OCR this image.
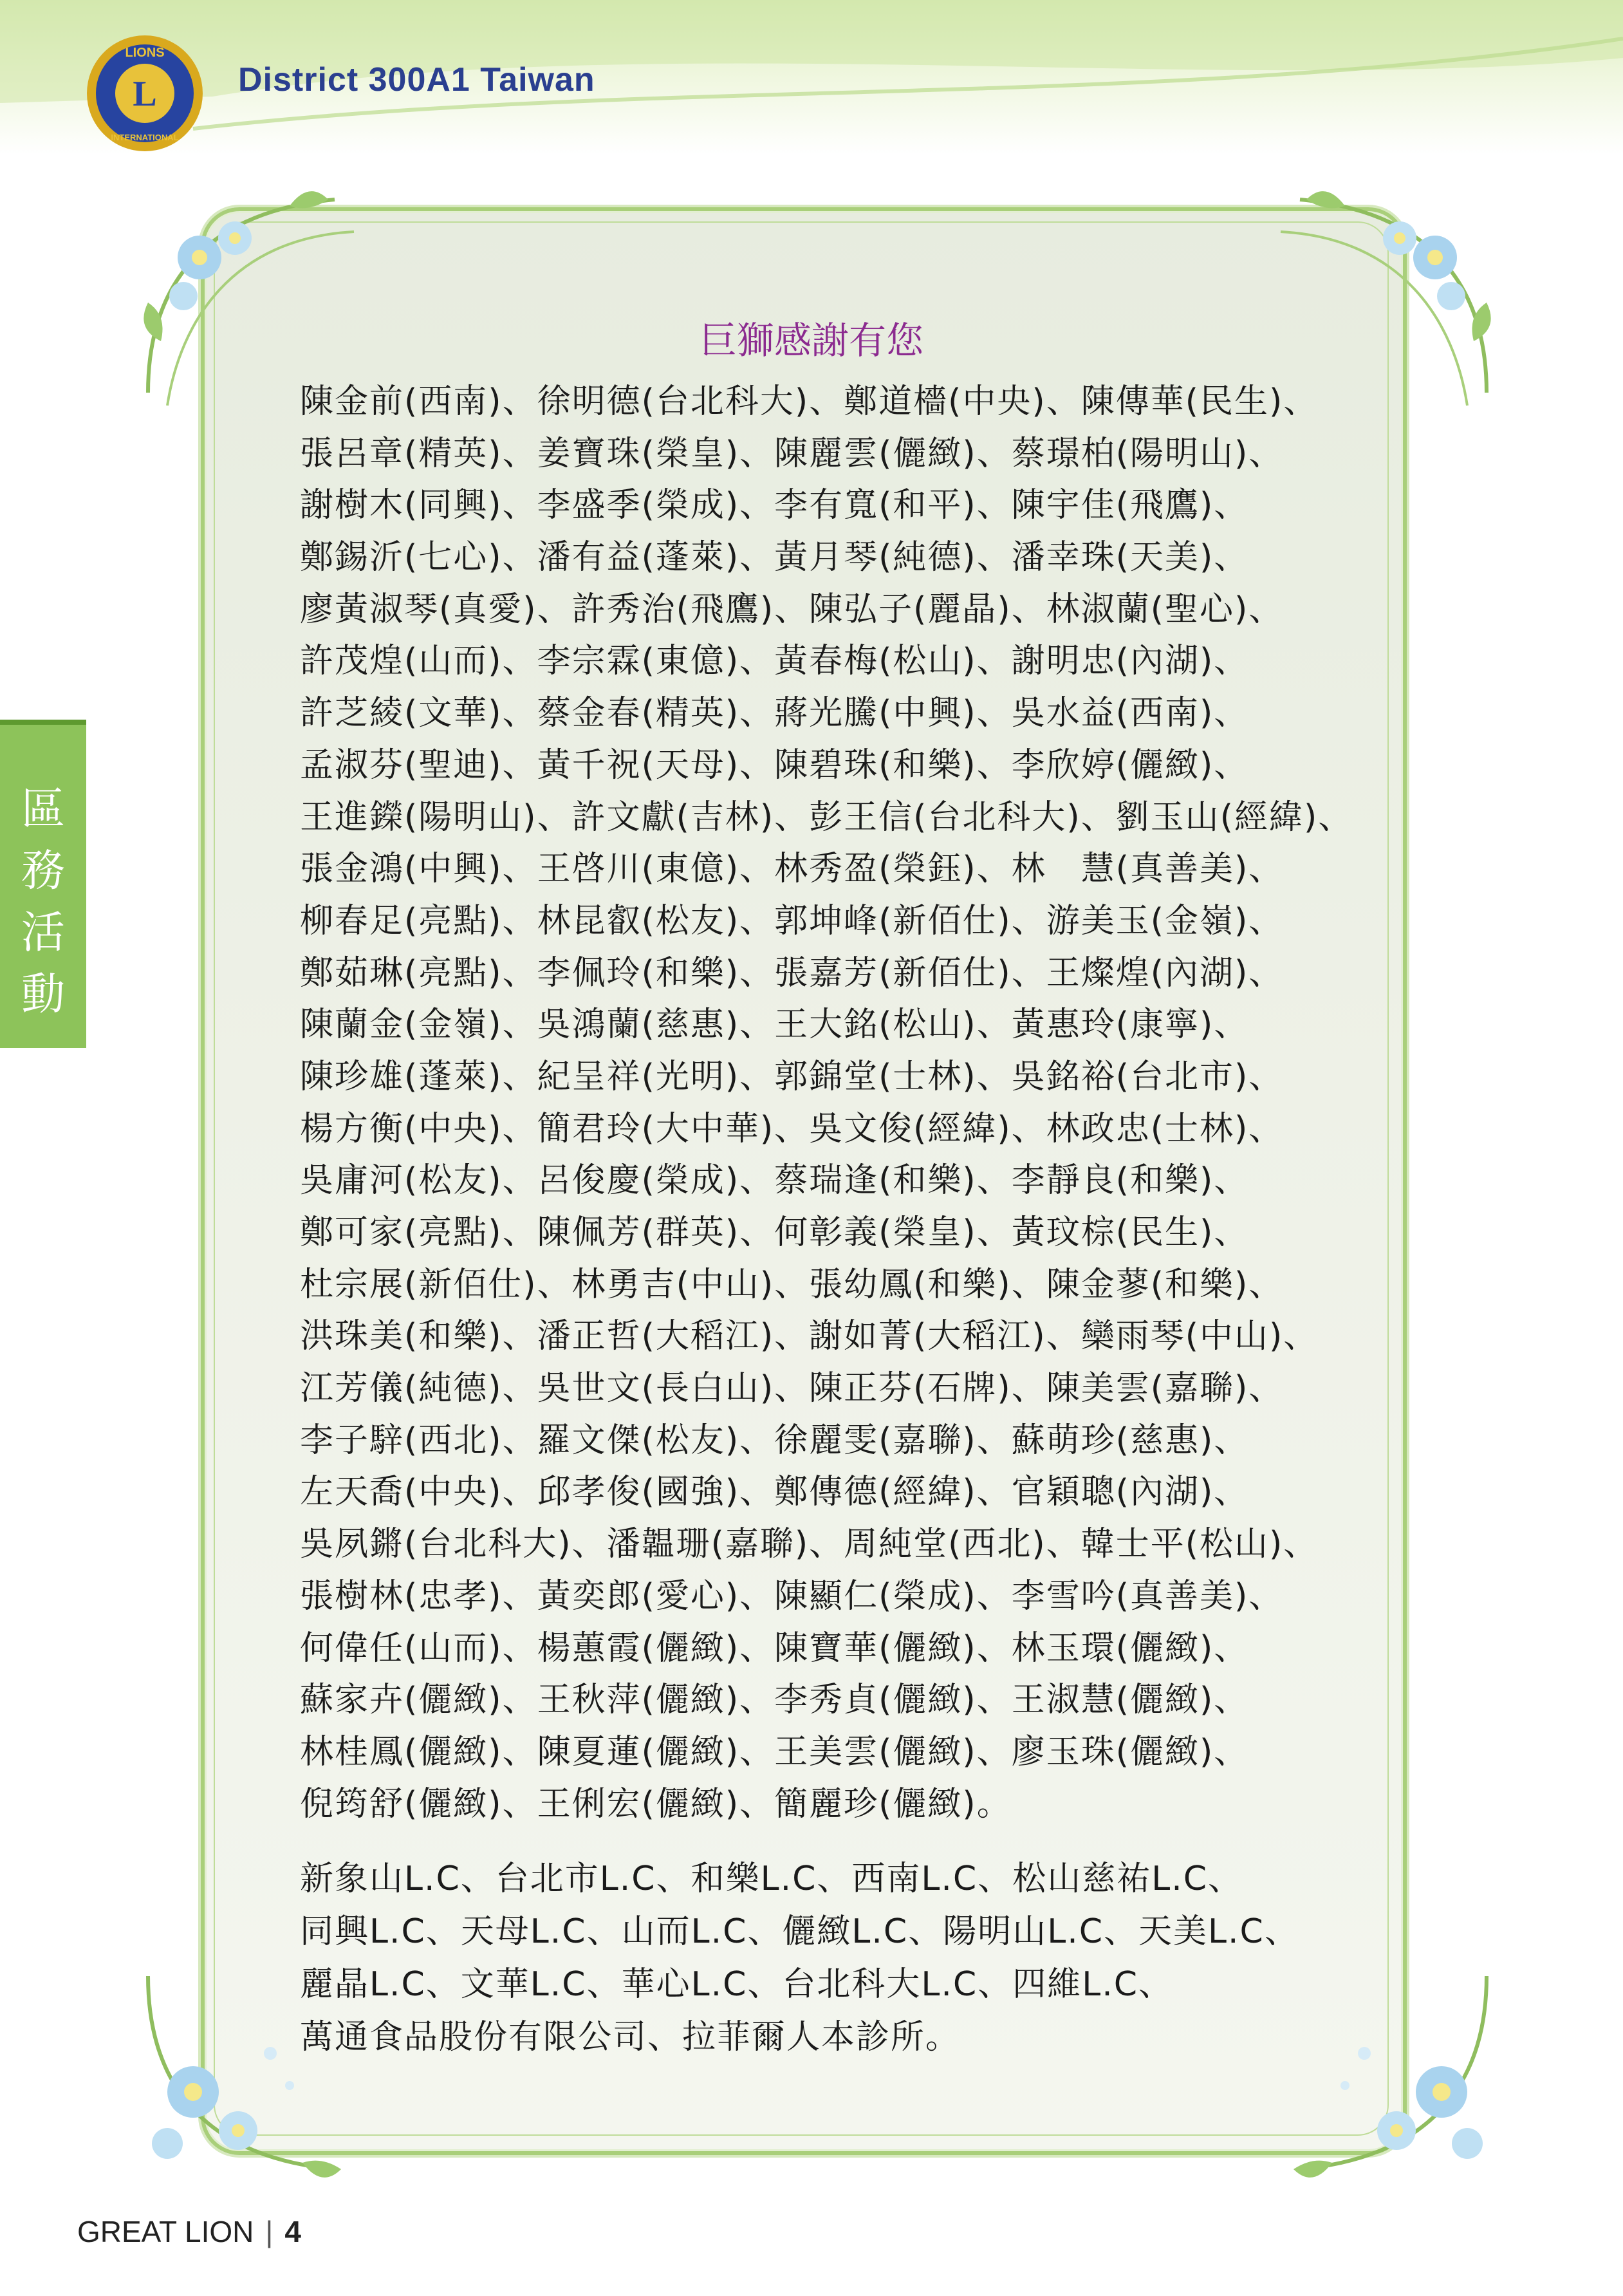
L
LIONS
INTERNATIONAL
District 300A1 Taiwan
區
務
活
動
巨獅感謝有您
陳金前(西南)、徐明德(台北科大)、鄭道檣(中央)、陳傳華(民生)、
張呂章(精英)、姜寶珠(榮皇)、陳麗雲(儷緻)、蔡璟柏(陽明山)、
謝樹木(同興)、李盛季(榮成)、李有寬(和平)、陳宇佳(飛鷹)、
鄭錫沂(七心)、潘有益(蓬萊)、黃月琴(純德)、潘幸珠(天美)、
廖黃淑琴(真愛)、許秀治(飛鷹)、陳弘子(麗晶)、林淑蘭(聖心)、
許茂煌(山而)、李宗霖(東億)、黃春梅(松山)、謝明忠(內湖)、
許芝綾(文華)、蔡金春(精英)、蔣光騰(中興)、吳水益(西南)、
孟淑芬(聖迪)、黃千祝(天母)、陳碧珠(和樂)、李欣婷(儷緻)、
王進鑅(陽明山)、許文獻(吉林)、彭王信(台北科大)、劉玉山(經緯)、
張金鴻(中興)、王啓川(東億)、林秀盈(榮鈺)、林　慧(真善美)、
柳春足(亮點)、林昆叡(松友)、郭坤峰(新佰仕)、游美玉(金嶺)、
鄭茹琳(亮點)、李佩玲(和樂)、張嘉芳(新佰仕)、王燦煌(內湖)、
陳蘭金(金嶺)、吳鴻蘭(慈惠)、王大銘(松山)、黃惠玲(康寧)、
陳珍雄(蓬萊)、紀呈祥(光明)、郭錦堂(士林)、吳銘裕(台北市)、
楊方衡(中央)、簡君玲(大中華)、吳文俊(經緯)、林政忠(士林)、
吳庸河(松友)、呂俊慶(榮成)、蔡瑞逢(和樂)、李靜良(和樂)、
鄭可家(亮點)、陳佩芳(群英)、何彰義(榮皇)、黃玟棕(民生)、
杜宗展(新佰仕)、林勇吉(中山)、張幼鳳(和樂)、陳金蓼(和樂)、
洪珠美(和樂)、潘正哲(大稻江)、謝如菁(大稻江)、欒雨琴(中山)、
江芳儀(純德)、吳世文(長白山)、陳正芬(石牌)、陳美雲(嘉聯)、
李子騂(西北)、羅文傑(松友)、徐麗雯(嘉聯)、蘇萌珍(慈惠)、
左天喬(中央)、邱孝俊(國強)、鄭傳德(經緯)、官穎聰(內湖)、
吳夙鏘(台北科大)、潘韞珊(嘉聯)、周純堂(西北)、韓士平(松山)、
張樹林(忠孝)、黃奕郎(愛心)、陳顯仁(榮成)、李雪吟(真善美)、
何偉任(山而)、楊蕙霞(儷緻)、陳寶華(儷緻)、林玉環(儷緻)、
蘇家卉(儷緻)、王秋萍(儷緻)、李秀貞(儷緻)、王淑慧(儷緻)、
林桂鳳(儷緻)、陳夏蓮(儷緻)、王美雲(儷緻)、廖玉珠(儷緻)、
倪筠舒(儷緻)、王俐宏(儷緻)、簡麗珍(儷緻)。
新象山L.C、台北市L.C、和樂L.C、西南L.C、松山慈祐L.C、
同興L.C、天母L.C、山而L.C、儷緻L.C、陽明山L.C、天美L.C、
麗晶L.C、文華L.C、華心L.C、台北科大L.C、四維L.C、
萬通食品股份有限公司、拉菲爾人本診所。
GREAT LION | 4
